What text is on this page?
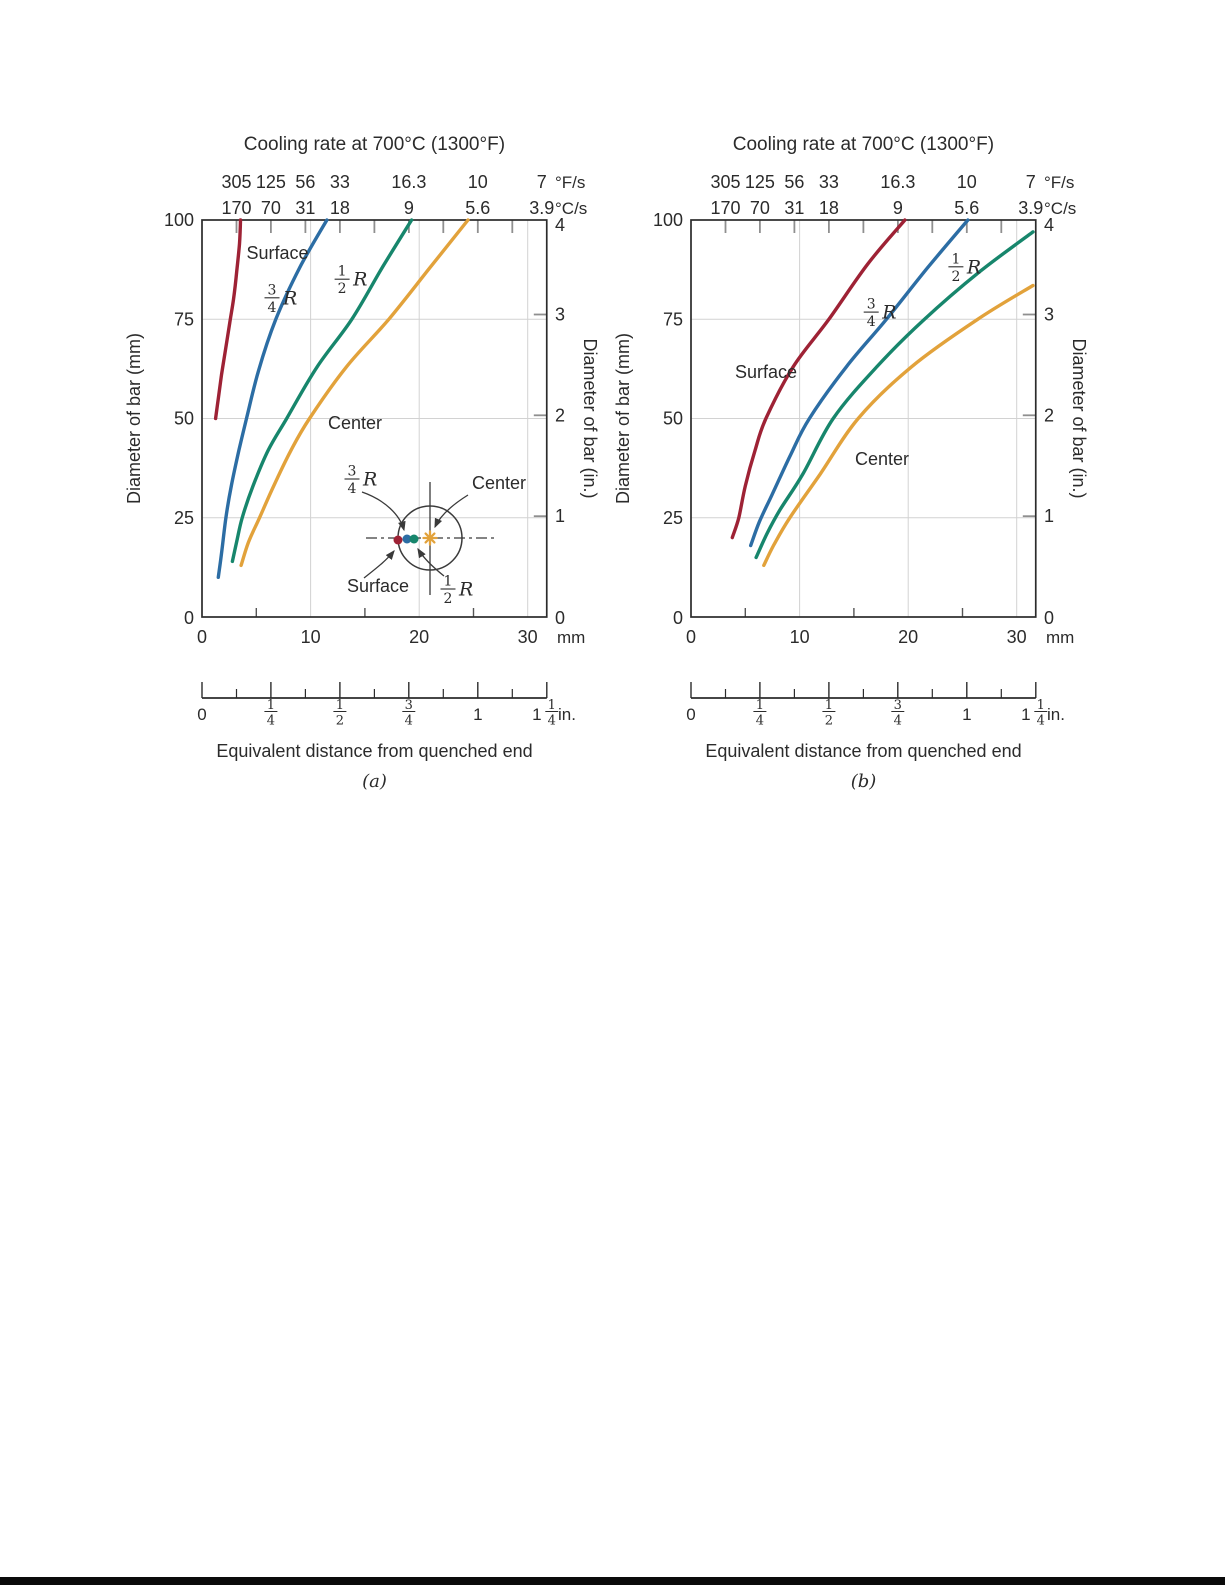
Cooling rate at 700°C (1300°F)
305
170
125
70
56
31
33
18
16.3
9
10
5.6
7
3.9
°F/s
°C/s
100
75
50
25
0
4
3
2
1
0
0	10	20	30 mm
Diameter of bar (mm)	Diameter of bar (in.)
Surface
3
4 R
1
2 R
Center
0	1
4
1
2
3
4	1	1 1
4 in.
3
4 R	Center
Surface 1
2 R
Cooling rate at 700°C (1300°F)
305
170
125
70
56
31
33
18
16.3
9
10
5.6
7
3.9
°F/s
°C/s
100
75
50
25
0
4
3
2
1
0
0	10	20	30 mm
Diameter of bar (mm)	Diameter of bar (in.)
Surface
3
4 R
1
2 R
Center
0	1
4
1
2
3
4	1	1 1
4 in.
Equivalent distance from quenched end	Equivalent distance from quenched end
(a)	(b)
